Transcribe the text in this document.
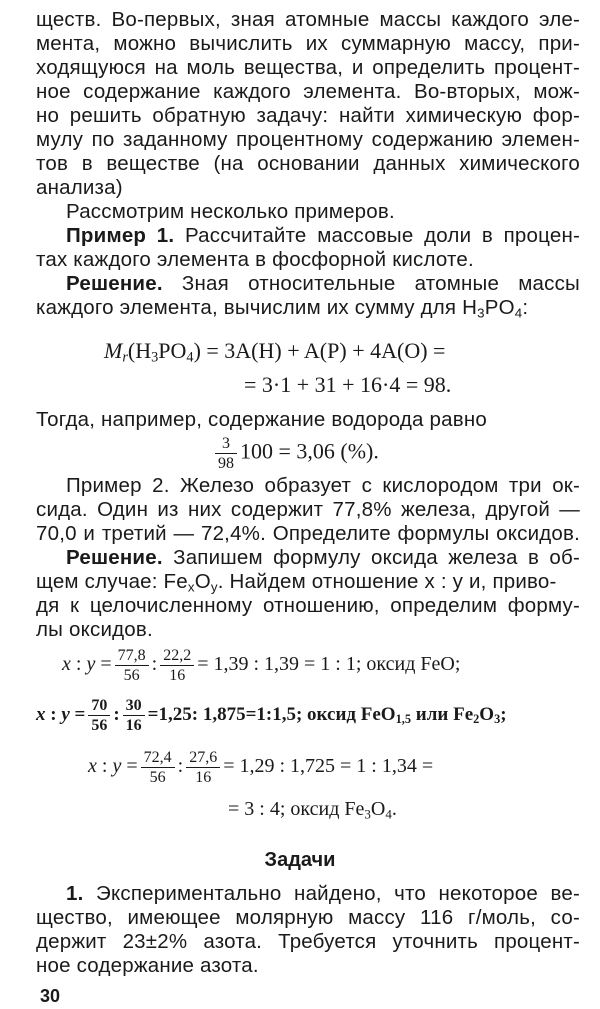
ществ. Во-первых, зная атомные массы каждого эле-
мента, можно вычислить их суммарную массу, при-
ходящуюся на моль вещества, и определить процент-
ное содержание каждого элемента. Во-вторых, мож-
но решить обратную задачу: найти химическую фор-
мулу по заданному процентному содержанию элемен-
тов в веществе (на основании данных химического
анализа)
Рассмотрим несколько примеров.
Пример 1. Рассчитайте массовые доли в процен-
тах каждого элемента в фосфорной кислоте.
Решение. Зная относительные атомные массы
каждого элемента, вычислим их сумму для $H_3PO_4$:
$M_r(H_3PO_4) = 3A(H) + A(P) + 4A(O)$ =
= 3·1 + 31 + 16·4 = 98.
Тогда, например, содержание водорода равно
$\frac{3}{98} 100 = 3,06$ (%).
Пример 2. Железо образует с кислородом три ок-
сида. Один из них содержит 77,8% железа, другой —
70,0 и третий — 72,4%. Определите формулы оксидов.
Решение. Запишем формулу оксида железа в об-
щем случае: $Fe_xO_y$. Найдем отношение x : y и, приво-
дя к целочисленному отношению, определим форму-
лы оксидов.
x : $y = \frac{77,8}{56}$ : $\frac{22,2}{16} = 1,39$ : 1,39 = 1 : 1; оксид FeO;
x : $y = \frac{70}{56}$ : $\frac{30}{16} =1,25$: 1,875=1:1,5; оксид FeO$_{1,5}$ или $Fe_2O_3$;
x : $y = \frac{72,4}{56}$ : $\frac{27,6}{16} = 1,29$ : 1,725 = 1 : 1,34 =
= 3 : 4; оксид $Fe_3O_4$.
Задачи
1. Экспериментально найдено, что некоторое ве-
щество, имеющее молярную массу 116 г/моль, со-
держит 23±2% азота. Требуется уточнить процент-
ное содержание азота.
30
